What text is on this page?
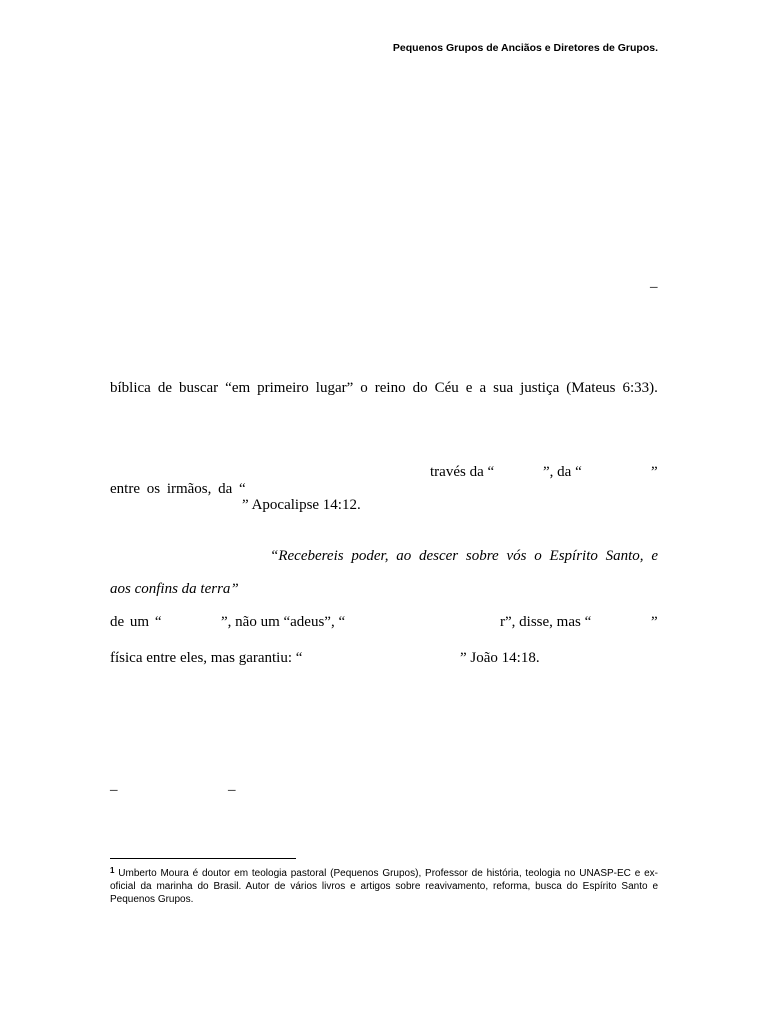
Pequenos Grupos de Anciãos e Diretores de Grupos.
–
bíblica de buscar “em primeiro lugar” o reino do Céu e a sua justiça (Mateus 6:33).
través da “	”, da “	”
entre os irmãos, da “
” Apocalipse 14:12.
“Recebereis poder, ao descer sobre vós o Espírito Santo, e
aos confins da terra”
de um “	”, não um “adeus”, “	r”, disse, mas “	”
física entre eles, mas garantiu: “	” João 14:18.
–	–
$^1$ Umberto Moura é doutor em teologia pastoral (Pequenos Grupos), Professor de história, teologia no UNASP-EC e ex- oficial da marinha do Brasil. Autor de vários livros e artigos sobre reavivamento, reforma, busca do Espírito Santo e Pequenos Grupos.
